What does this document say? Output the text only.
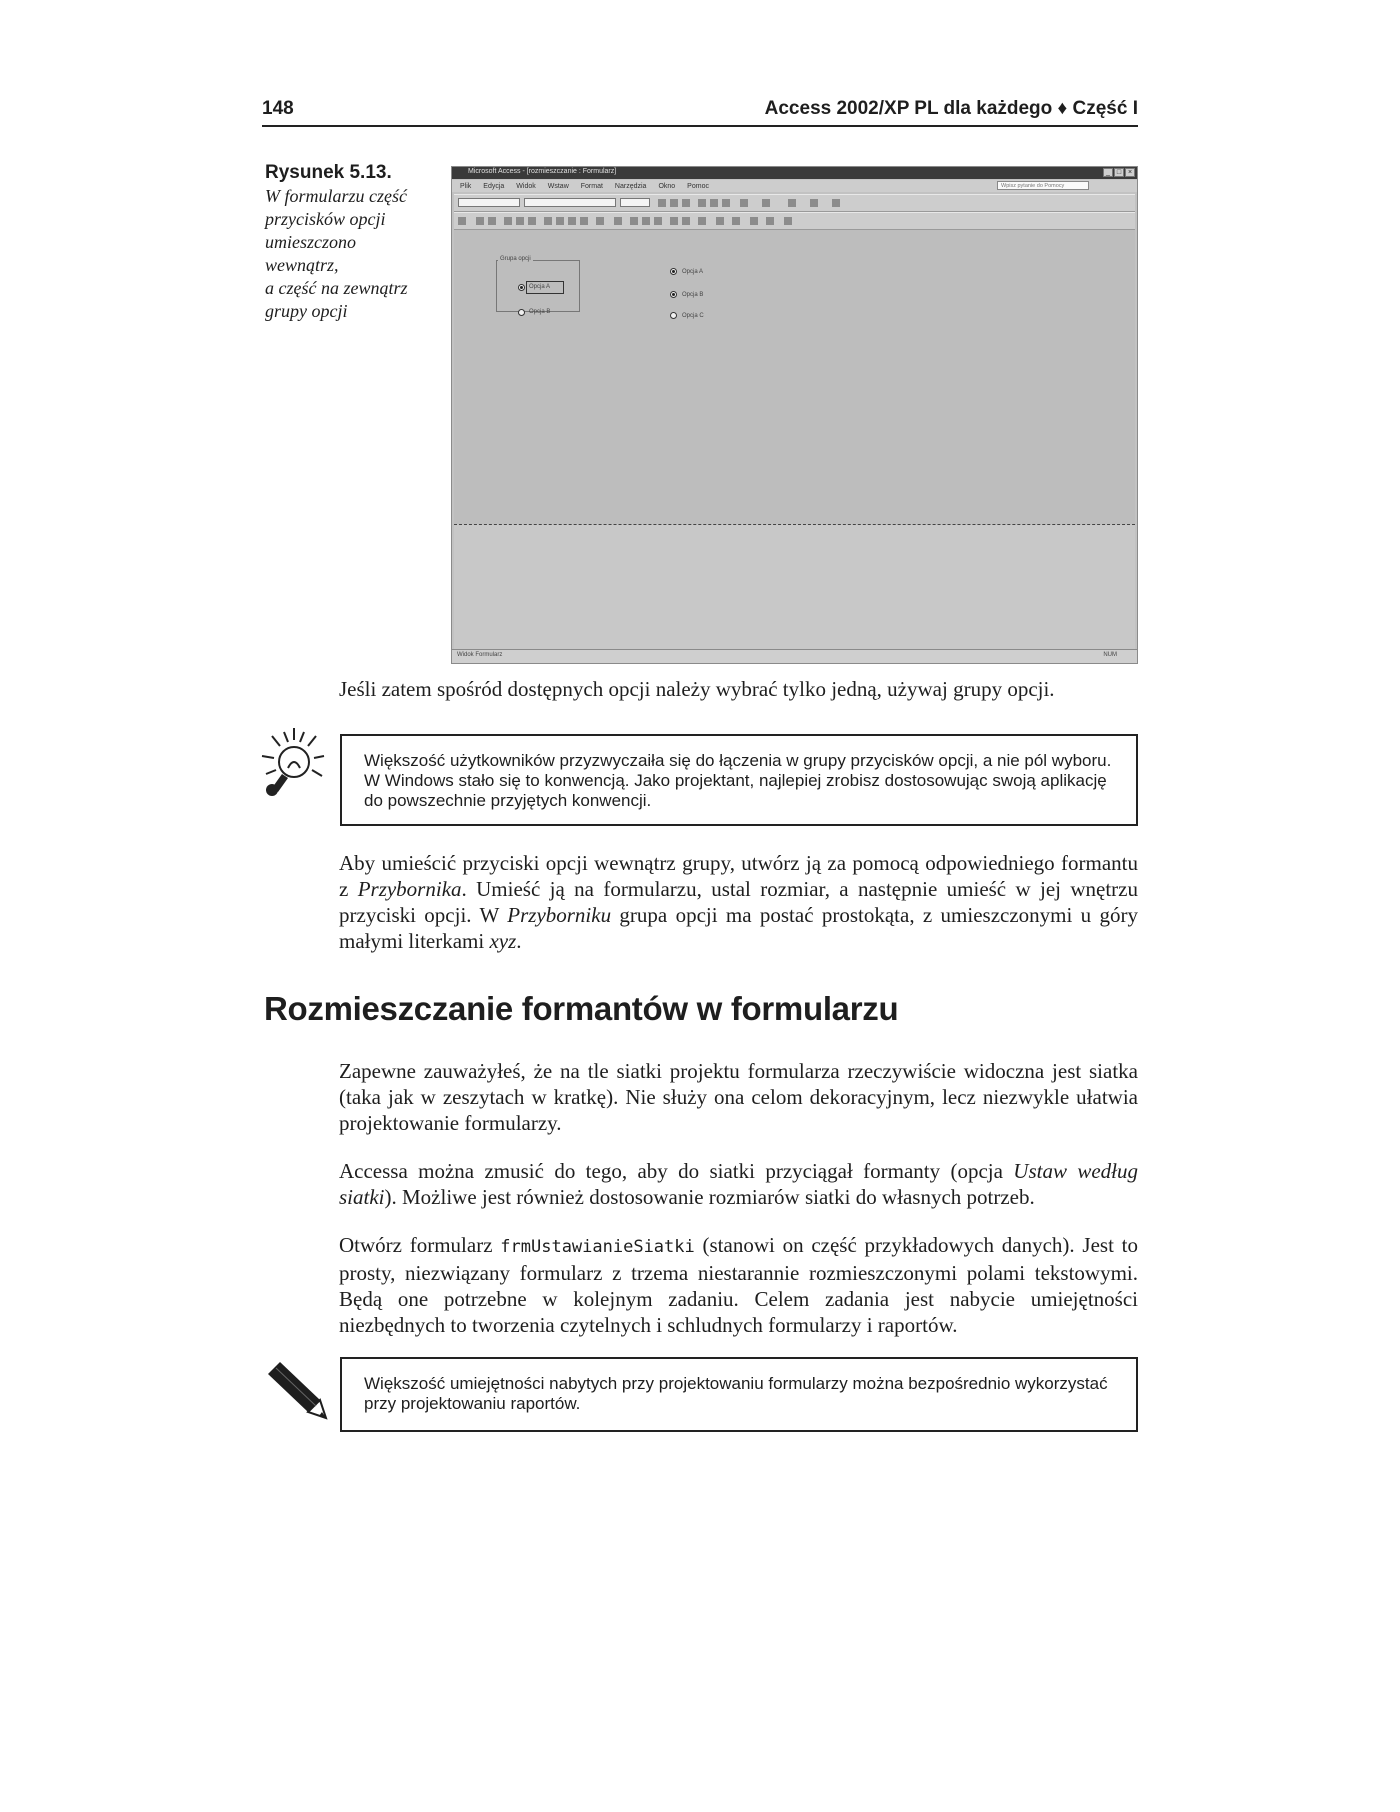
148	Access 2002/XP PL dla każdego ♦ Część I
Rysunek 5.13.
W formularzu część
przycisków opcji
umieszczono
wewnątrz,
a część na zewnątrz
grupy opcji
Microsoft Access - [rozmieszczanie : Formularz]	_ □ ×
Plik Edycja Widok Wstaw Format Narzędzia Okno Pomoc	Wpisz pytanie do Pomocy
Grupa opcji
Opcja A
Opcja B
Opcja A
Opcja B
Opcja C
Widok Formularz	NUM
Jeśli zatem spośród dostępnych opcji należy wybrać tylko jedną, używaj grupy opcji.
Większość użytkowników przyzwyczaiła się do łączenia w grupy przycisków opcji, a nie pól wyboru. W Windows stało się to konwencją. Jako projektant, najlepiej zrobisz dostosowując swoją aplikację do powszechnie przyjętych konwencji.
Aby umieścić przyciski opcji wewnątrz grupy, utwórz ją za pomocą odpowiedniego formantu z Przybornika. Umieść ją na formularzu, ustal rozmiar, a następnie umieść w jej wnętrzu przyciski opcji. W Przyborniku grupa opcji ma postać prostokąta, z umieszczonymi u góry małymi literkami xyz.
Rozmieszczanie formantów w formularzu
Zapewne zauważyłeś, że na tle siatki projektu formularza rzeczywiście widoczna jest siatka (taka jak w zeszytach w kratkę). Nie służy ona celom dekoracyjnym, lecz niezwykle ułatwia projektowanie formularzy.
Accessa można zmusić do tego, aby do siatki przyciągał formanty (opcja Ustaw według siatki). Możliwe jest również dostosowanie rozmiarów siatki do własnych potrzeb.
Otwórz formularz frmUstawianieSiatki (stanowi on część przykładowych danych). Jest to prosty, niezwiązany formularz z trzema niestarannie rozmieszczonymi polami tekstowymi. Będą one potrzebne w kolejnym zadaniu. Celem zadania jest nabycie umiejętności niezbędnych to tworzenia czytelnych i schludnych formularzy i raportów.
Większość umiejętności nabytych przy projektowaniu formularzy można bezpośrednio wykorzystać przy projektowaniu raportów.
